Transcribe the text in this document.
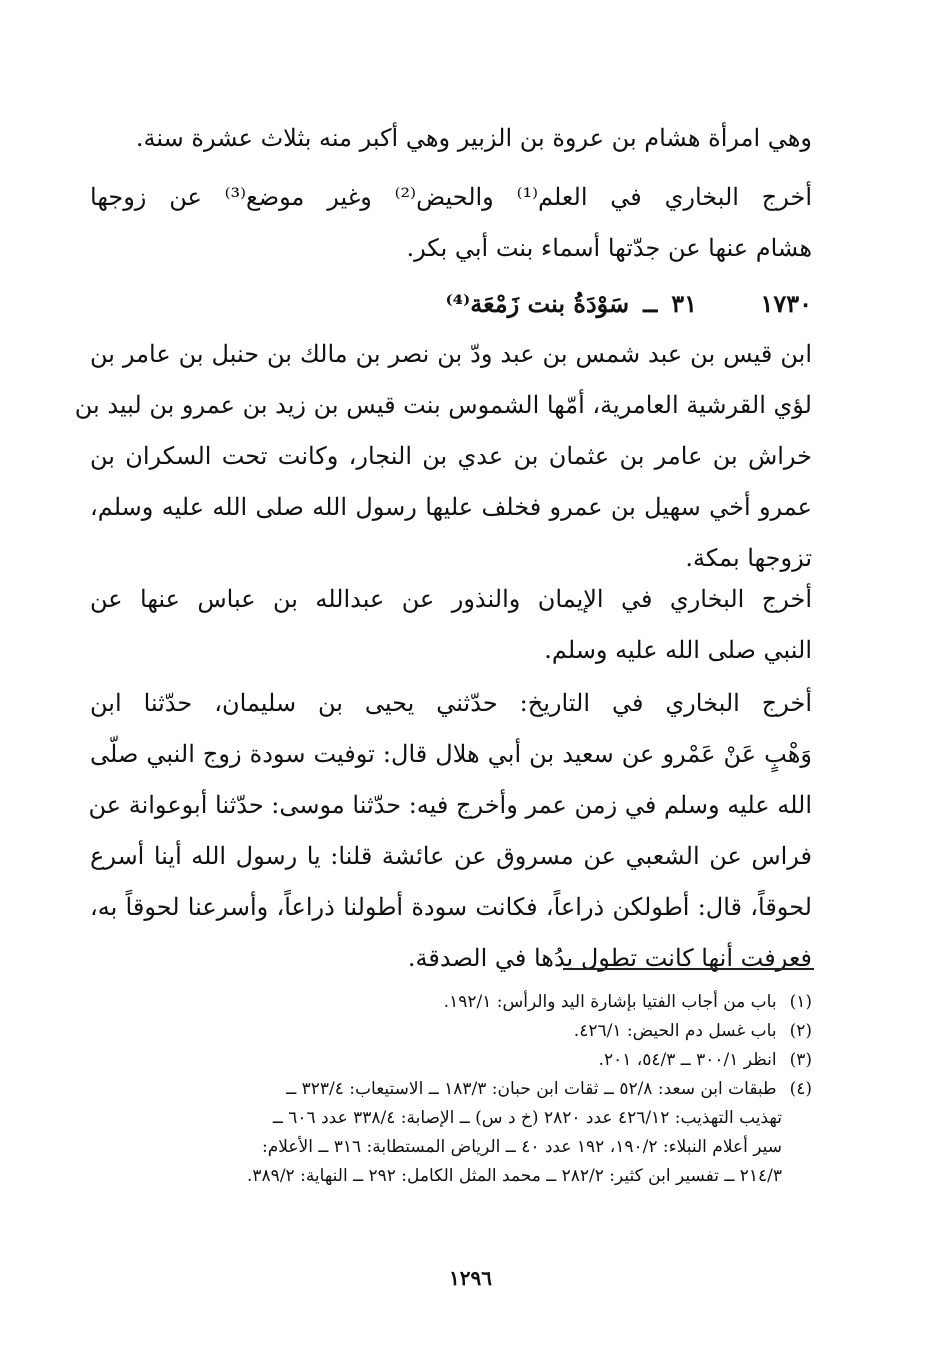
وهي امرأة هشام بن عروة بن الزبير وهي أكبر منه بثلاث عشرة سنة.
أخرج البخاري في العلم⁽¹⁾ والحيض⁽²⁾ وغير موضع⁽³⁾ عن زوجها
هشام عنها عن جدّتها أسماء بنت أبي بكر.
١٧٣٠
٣١
ــ
سَوْدَةُ بنت زَمْعَة⁽⁴⁾
ابن قيس بن عبد شمس بن عبد ودّ بن نصر بن مالك بن حنبل بن عامر بن
لؤي القرشية العامرية، أمّها الشموس بنت قيس بن زيد بن عمرو بن لبيد بن
خراش بن عامر بن عثمان بن عدي بن النجار، وكانت تحت السكران بن
عمرو أخي سهيل بن عمرو فخلف عليها رسول الله صلى الله عليه وسلم،
تزوجها بمكة.
أخرج البخاري في الإيمان والنذور عن عبدالله بن عباس عنها عن
النبي صلى الله عليه وسلم.
أخرج البخاري في التاريخ: حدّثني يحيى بن سليمان، حدّثنا ابن
وَهْبٍ عَنْ عَمْرو عن سعيد بن أبي هلال قال: توفيت سودة زوج النبي صلّى
الله عليه وسلم في زمن عمر وأخرج فيه: حدّثنا موسى: حدّثنا أبوعوانة عن
فراس عن الشعبي عن مسروق عن عائشة قلنا: يا رسول الله أينا أسرع
لحوقاً، قال: أطولكن ذراعاً، فكانت سودة أطولنا ذراعاً، وأسرعنا لحوقاً به،
فعرفت أنها كانت تطول يدُها في الصدقة.
(١) باب من أجاب الفتيا بإشارة اليد والرأس: ١٩٢/١.
(٢) باب غسل دم الحيض: ٤٢٦/١.
(٣) انظر ٣٠٠/١ ــ ٥٤/٣، ٢٠١.
(٤) طبقات ابن سعد: ٥٢/٨ ــ ثقات ابن حبان: ١٨٣/٣ ــ الاستيعاب: ٣٢٣/٤ ــ
تهذيب التهذيب: ٤٢٦/١٢ عدد ٢٨٢٠ (خ د س) ــ الإصابة: ٣٣٨/٤ عدد ٦٠٦ ــ
سير أعلام النبلاء: ١٩٠/٢، ١٩٢ عدد ٤٠ ــ الرياض المستطابة: ٣١٦ ــ الأعلام:
٢١٤/٣ ــ تفسير ابن كثير: ٢٨٢/٢ ــ محمد المثل الكامل: ٢٩٢ ــ النهاية: ٣٨٩/٢.
١٢٩٦
